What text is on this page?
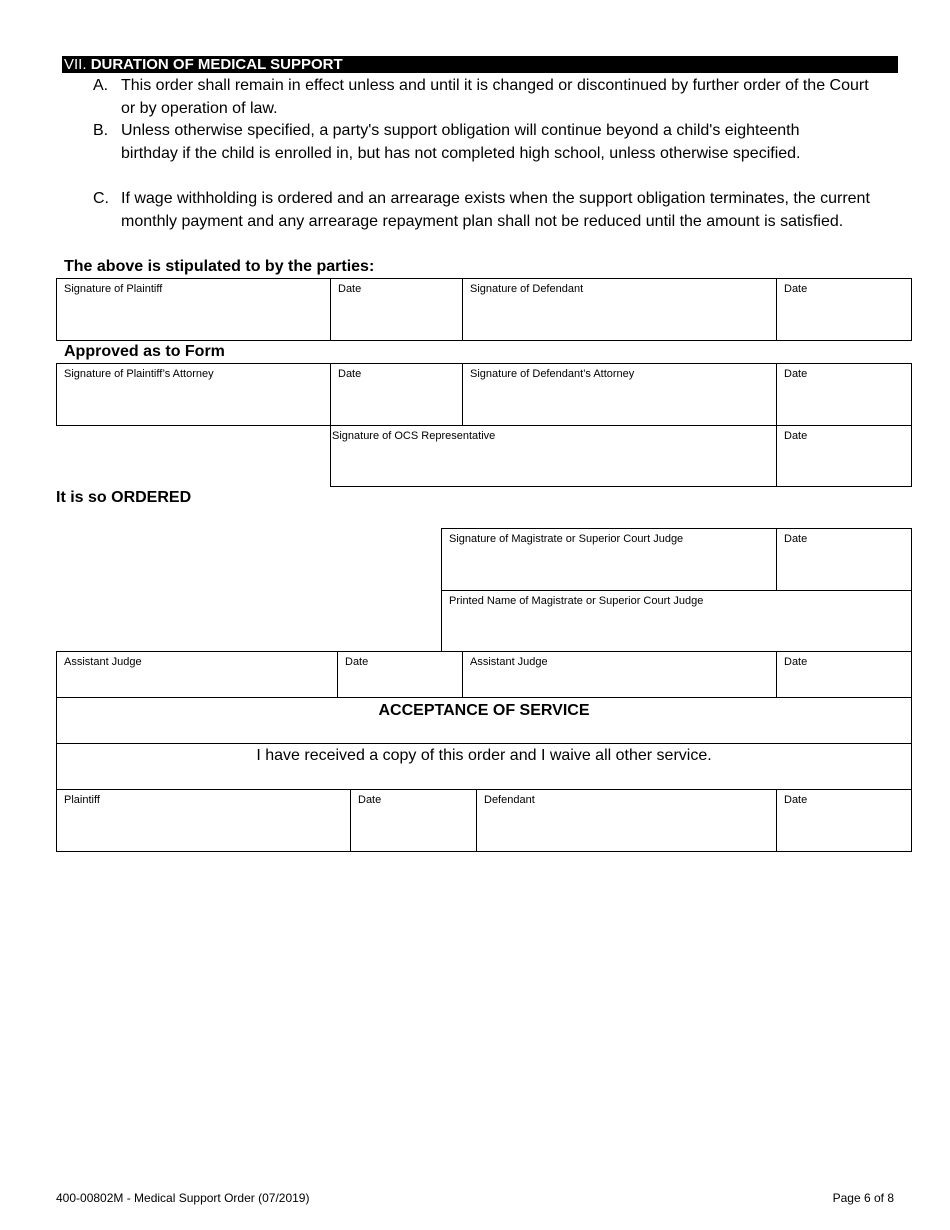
VII. DURATION OF MEDICAL SUPPORT
A. This order shall remain in effect unless and until it is changed or discontinued by further order of the Court or by operation of law.
B. Unless otherwise specified, a party's support obligation will continue beyond a child's eighteenth birthday if the child is enrolled in, but has not completed high school, unless otherwise specified.
C. If wage withholding is ordered and an arrearage exists when the support obligation terminates, the current monthly payment and any arrearage repayment plan shall not be reduced until the amount is satisfied.
The above is stipulated to by the parties:
Signature of Plaintiff	Date	Signature of Defendant	Date
Approved as to Form
Signature of Plaintiff’s Attorney	Date	Signature of Defendant’s Attorney	Date
Signature of OCS Representative	Date
It is so ORDERED
Signature of Magistrate or Superior Court Judge	Date
Printed Name of Magistrate or Superior Court Judge
Assistant Judge	Date	Assistant Judge	Date
ACCEPTANCE OF SERVICE
I have received a copy of this order and I waive all other service.
Plaintiff	Date	Defendant	Date
400-00802M - Medical Support Order (07/2019)	Page 6 of 8
